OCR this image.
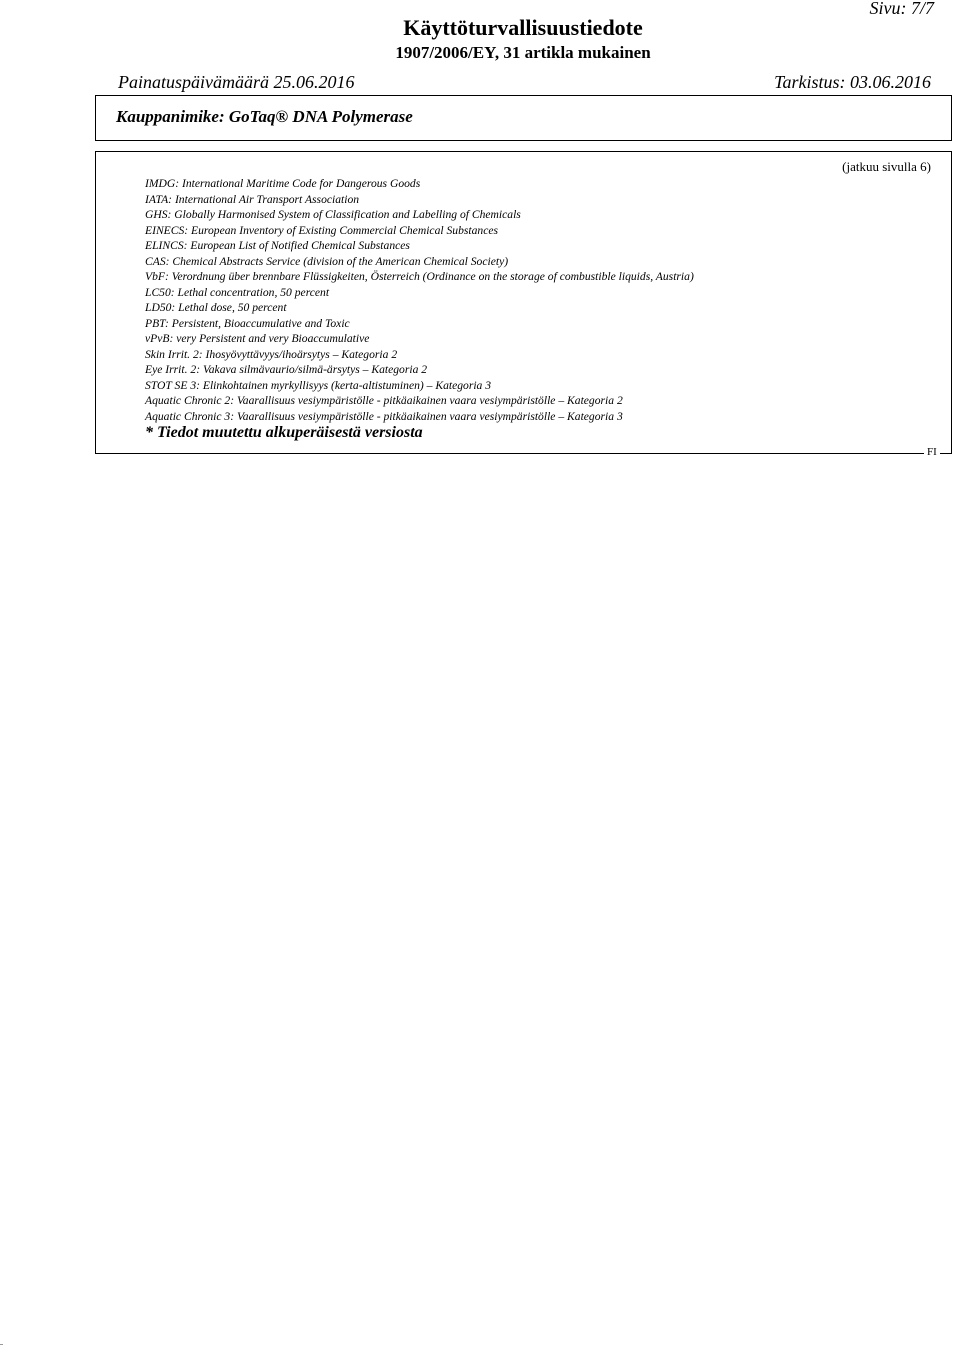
Sivu: 7/7
Käyttöturvallisuustiedote
1907/2006/EY, 31 artikla mukainen
Painatuspäivämäärä 25.06.2016	Tarkistus: 03.06.2016
Kauppanimike: GoTaq® DNA Polymerase
(jatkuu sivulla 6)
IMDG: International Maritime Code for Dangerous Goods
IATA: International Air Transport Association
GHS: Globally Harmonised System of Classification and Labelling of Chemicals
EINECS: European Inventory of Existing Commercial Chemical Substances
ELINCS: European List of Notified Chemical Substances
CAS: Chemical Abstracts Service (division of the American Chemical Society)
VbF: Verordnung über brennbare Flüssigkeiten, Österreich (Ordinance on the storage of combustible liquids, Austria)
LC50: Lethal concentration, 50 percent
LD50: Lethal dose, 50 percent
PBT: Persistent, Bioaccumulative and Toxic
vPvB: very Persistent and very Bioaccumulative
Skin Irrit. 2: Ihosyövyttävyys/ihoärsytys – Kategoria 2
Eye Irrit. 2: Vakava silmävaurio/silmä-ärsytys – Kategoria 2
STOT SE 3: Elinkohtainen myrkyllisyys (kerta-altistuminen) – Kategoria 3
Aquatic Chronic 2: Vaarallisuus vesiympäristölle - pitkäaikainen vaara vesiympäristölle – Kategoria 2
Aquatic Chronic 3: Vaarallisuus vesiympäristölle - pitkäaikainen vaara vesiympäristölle – Kategoria 3
* Tiedot muutettu alkuperäisestä versiosta
FI
